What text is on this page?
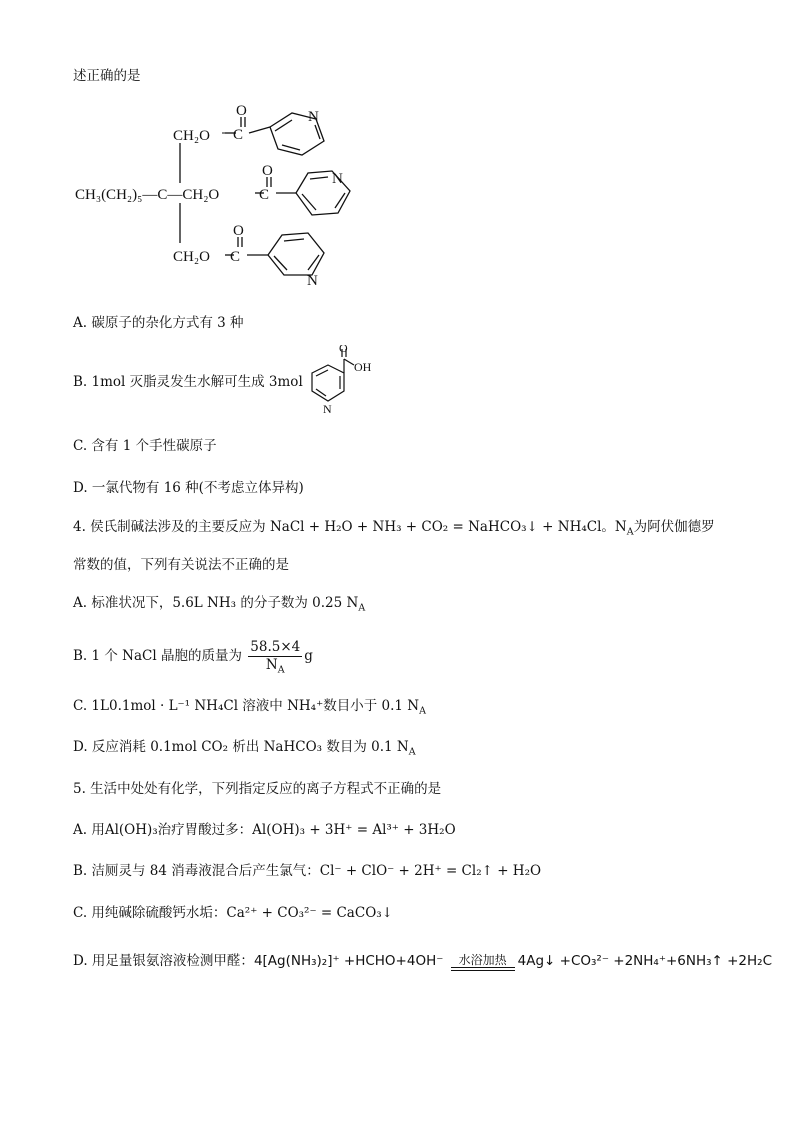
述正确的是
CH₂O C
O	N
CH₃(CH₂)₅—C—CH₂O	C
O	N
CH₂O C
O
N
A. 碳原子的杂化方式有 3 种
B. 1mol 灭脂灵发生水解可生成 3mol
O
OH
N
C. 含有 1 个手性碳原子
D. 一氯代物有 16 种(不考虑立体异构)
4. 侯氏制碱法涉及的主要反应为 NaCl + H₂O + NH₃ + CO₂ = NaHCO₃↓ + NH₄Cl。$N_A$为阿伏伽德罗
常数的值，下列有关说法不正确的是
A. 标准状况下，5.6L NH₃ 的分子数为 0.25 $N_A$
B. 1 个 NaCl 晶胞的质量为 $\frac{58.5\times 4}{N_A}$ g
C. 1L0.1mol · L⁻¹ NH₄Cl 溶液中 NH₄⁺数目小于 0.1 $N_A$
D. 反应消耗 0.1mol CO₂ 析出 NaHCO₃ 数目为 0.1 $N_A$
5. 生活中处处有化学，下列指定反应的离子方程式不正确的是
A. 用Al(OH)₃治疗胃酸过多：Al(OH)₃ + 3H⁺ = Al³⁺ + 3H₂O
B. 洁厕灵与 84 消毒液混合后产生氯气：Cl⁻ + ClO⁻ + 2H⁺ = Cl₂↑ + H₂O
C. 用纯碱除硫酸钙水垢：Ca²⁺ + CO₃²⁻ = CaCO₃↓
D. 用足量银氨溶液检测甲醛：4[Ag(NH₃)₂]⁺ +HCHO+4OH⁻	水浴加热 4Ag↓ +CO₃²⁻ +2NH₄⁺+6NH₃↑ +2H₂C
